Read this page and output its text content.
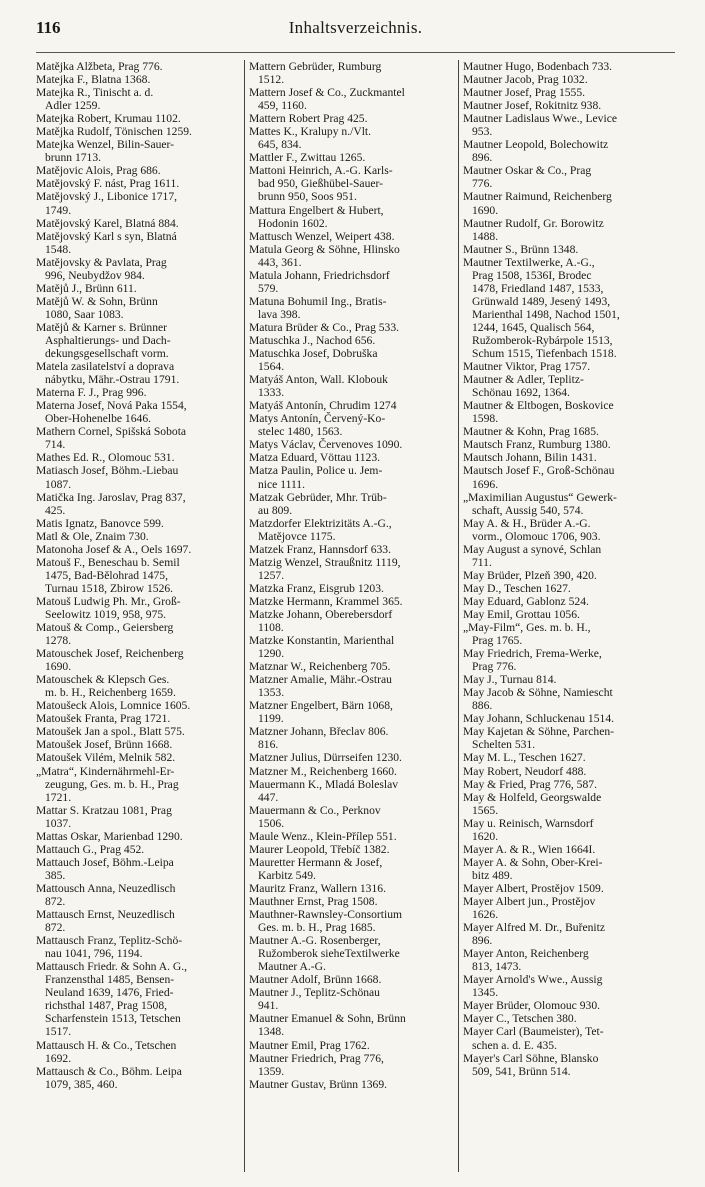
116	Inhaltsverzeichnis.
Matějka Alžbeta, Prag 776.
Matejka F., Blatna 1368.
Matejka R., Tinischt a. d.
Adler 1259.
Matejka Robert, Krumau 1102.
Matějka Rudolf, Tönischen 1259.
Matejka Wenzel, Bilin-Sauer-
brunn 1713.
Matějovic Alois, Prag 686.
Matějovský F. nást, Prag 1611.
Matějovský J., Libonice 1717,
1749.
Matějovský Karel, Blatná 884.
Matějovský Karl s syn, Blatná
1548.
Matějovsky & Pavlata, Prag
996, Neubydžov 984.
Matějů J., Brünn 611.
Matějů W. & Sohn, Brünn
1080, Saar 1083.
Matějů & Karner s. Brünner
Asphaltierungs- und Dach-
dekungsgesellschaft vorm.
Matela zasilatelství a doprava
nábytku, Mähr.-Ostrau 1791.
Materna F. J., Prag 996.
Materna Josef, Nová Paka 1554,
Ober-Hohenelbe 1646.
Mathern Cornel, Spišská Sobota
714.
Mathes Ed. R., Olomouc 531.
Matiasch Josef, Böhm.-Liebau
1087.
Matička Ing. Jaroslav, Prag 837,
425.
Matis Ignatz, Banovce 599.
Matl & Ole, Znaim 730.
Matonoha Josef & A., Oels 1697.
Matouš F., Beneschau b. Semil
1475, Bad-Bělohrad 1475,
Turnau 1518, Zbirow 1526.
Matouš Ludwig Ph. Mr., Groß-
Seelowitz 1019, 958, 975.
Matouš & Comp., Geiersberg
1278.
Matouschek Josef, Reichenberg
1690.
Matouschek & Klepsch Ges.
m. b. H., Reichenberg 1659.
Matoušeck Alois, Lomnice 1605.
Matoušek Franta, Prag 1721.
Matoušek Jan a spol., Blatt 575.
Matoušek Josef, Brünn 1668.
Matoušek Vilém, Melnik 582.
„Matra“, Kindernährmehl-Er-
zeugung, Ges. m. b. H., Prag
1721.
Mattar S. Kratzau 1081, Prag
1037.
Mattas Oskar, Marienbad 1290.
Mattauch G., Prag 452.
Mattauch Josef, Böhm.-Leipa
385.
Mattousch Anna, Neuzedlisch
872.
Mattausch Ernst, Neuzedlisch
872.
Mattausch Franz, Teplitz-Schö-
nau 1041, 796, 1194.
Mattausch Friedr. & Sohn A. G.,
Franzensthal 1485, Bensen-
Neuland 1639, 1476, Fried-
richsthal 1487, Prag 1508,
Scharfenstein 1513, Tetschen
1517.
Mattausch H. & Co., Tetschen
1692.
Mattausch & Co., Böhm. Leipa
1079, 385, 460.
Mattern Gebrüder, Rumburg
1512.
Mattern Josef & Co., Zuckmantel
459, 1160.
Mattern Robert Prag 425.
Mattes K., Kralupy n./Vlt.
645, 834.
Mattler F., Zwittau 1265.
Mattoni Heinrich, A.-G. Karls-
bad 950, Gießhübel-Sauer-
brunn 950, Soos 951.
Mattura Engelbert & Hubert,
Hodonin 1602.
Mattusch Wenzel, Weipert 438.
Matula Georg & Söhne, Hlinsko
443, 361.
Matula Johann, Friedrichsdorf
579.
Matuna Bohumil Ing., Bratis-
lava 398.
Matura Brüder & Co., Prag 533.
Matuschka J., Nachod 656.
Matuschka Josef, Dobruška
1564.
Matyáš Anton, Wall. Klobouk
1333.
Matyáš Antonín, Chrudim 1274
Matys Antonín, Červený-Ko-
stelec 1480, 1563.
Matys Václav, Červenoves 1090.
Matza Eduard, Vöttau 1123.
Matza Paulin, Police u. Jem-
nice 1111.
Matzak Gebrüder, Mhr. Trüb-
au 809.
Matzdorfer Elektrizitäts A.-G.,
Matějovce 1175.
Matzek Franz, Hannsdorf 633.
Matzig Wenzel, Straußnitz 1119,
1257.
Matzka Franz, Eisgrub 1203.
Matzke Hermann, Krammel 365.
Matzke Johann, Oberebersdorf
1108.
Matzke Konstantin, Marienthal
1290.
Matznar W., Reichenberg 705.
Matzner Amalie, Mähr.-Ostrau
1353.
Matzner Engelbert, Bärn 1068,
1199.
Matzner Johann, Břeclav 806.
816.
Matzner Julius, Dürrseifen 1230.
Matzner M., Reichenberg 1660.
Mauermann K., Mladá Boleslav
447.
Mauermann & Co., Perknov
1506.
Maule Wenz., Klein-Přílep 551.
Maurer Leopold, Třebíč 1382.
Mauretter Hermann & Josef,
Karbitz 549.
Mauritz Franz, Wallern 1316.
Mauthner Ernst, Prag 1508.
Mauthner-Rawnsley-Consortium
Ges. m. b. H., Prag 1685.
Mautner A.-G. Rosenberger,
Ružomberok sieheTextilwerke
Mautner A.-G.
Mautner Adolf, Brünn 1668.
Mautner J., Teplitz-Schönau
941.
Mautner Emanuel & Sohn, Brünn
1348.
Mautner Emil, Prag 1762.
Mautner Friedrich, Prag 776,
1359.
Mautner Gustav, Brünn 1369.
Mautner Hugo, Bodenbach 733.
Mautner Jacob, Prag 1032.
Mautner Josef, Prag 1555.
Mautner Josef, Rokitnitz 938.
Mautner Ladislaus Wwe., Levice
953.
Mautner Leopold, Bolechowitz
896.
Mautner Oskar & Co., Prag
776.
Mautner Raimund, Reichenberg
1690.
Mautner Rudolf, Gr. Borowitz
1488.
Mautner S., Brünn 1348.
Mautner Textilwerke, A.-G.,
Prag 1508, 1536I, Brodec
1478, Friedland 1487, 1533,
Grünwald 1489, Jesený 1493,
Marienthal 1498, Nachod 1501,
1244, 1645, Qualisch 564,
Ružomberok-Rybárpole 1513,
Schum 1515, Tiefenbach 1518.
Mautner Viktor, Prag 1757.
Mautner & Adler, Teplitz-
Schönau 1692, 1364.
Mautner & Eltbogen, Boskovice
1598.
Mautner & Kohn, Prag 1685.
Mautsch Franz, Rumburg 1380.
Mautsch Johann, Bilin 1431.
Mautsch Josef F., Groß-Schönau
1696.
„Maximilian Augustus“ Gewerk-
schaft, Aussig 540, 574.
May A. & H., Brüder A.-G.
vorm., Olomouc 1706, 903.
May August a synové, Schlan
711.
May Brüder, Plzeň 390, 420.
May D., Teschen 1627.
May Eduard, Gablonz 524.
May Emil, Grottau 1056.
„May-Film“, Ges. m. b. H.,
Prag 1765.
May Friedrich, Frema-Werke,
Prag 776.
May J., Turnau 814.
May Jacob & Söhne, Namiescht
886.
May Johann, Schluckenau 1514.
May Kajetan & Söhne, Parchen-
Schelten 531.
May M. L., Teschen 1627.
May Robert, Neudorf 488.
May & Fried, Prag 776, 587.
May & Holfeld, Georgswalde
1565.
May u. Reinisch, Warnsdorf
1620.
Mayer A. & R., Wien 1664I.
Mayer A. & Sohn, Ober-Krei-
bitz 489.
Mayer Albert, Prostějov 1509.
Mayer Albert jun., Prostějov
1626.
Mayer Alfred M. Dr., Buřenitz
896.
Mayer Anton, Reichenberg
813, 1473.
Mayer Arnold's Wwe., Aussig
1345.
Mayer Brüder, Olomouc 930.
Mayer C., Tetschen 380.
Mayer Carl (Baumeister), Tet-
schen a. d. E. 435.
Mayer's Carl Söhne, Blansko
509, 541, Brünn 514.
